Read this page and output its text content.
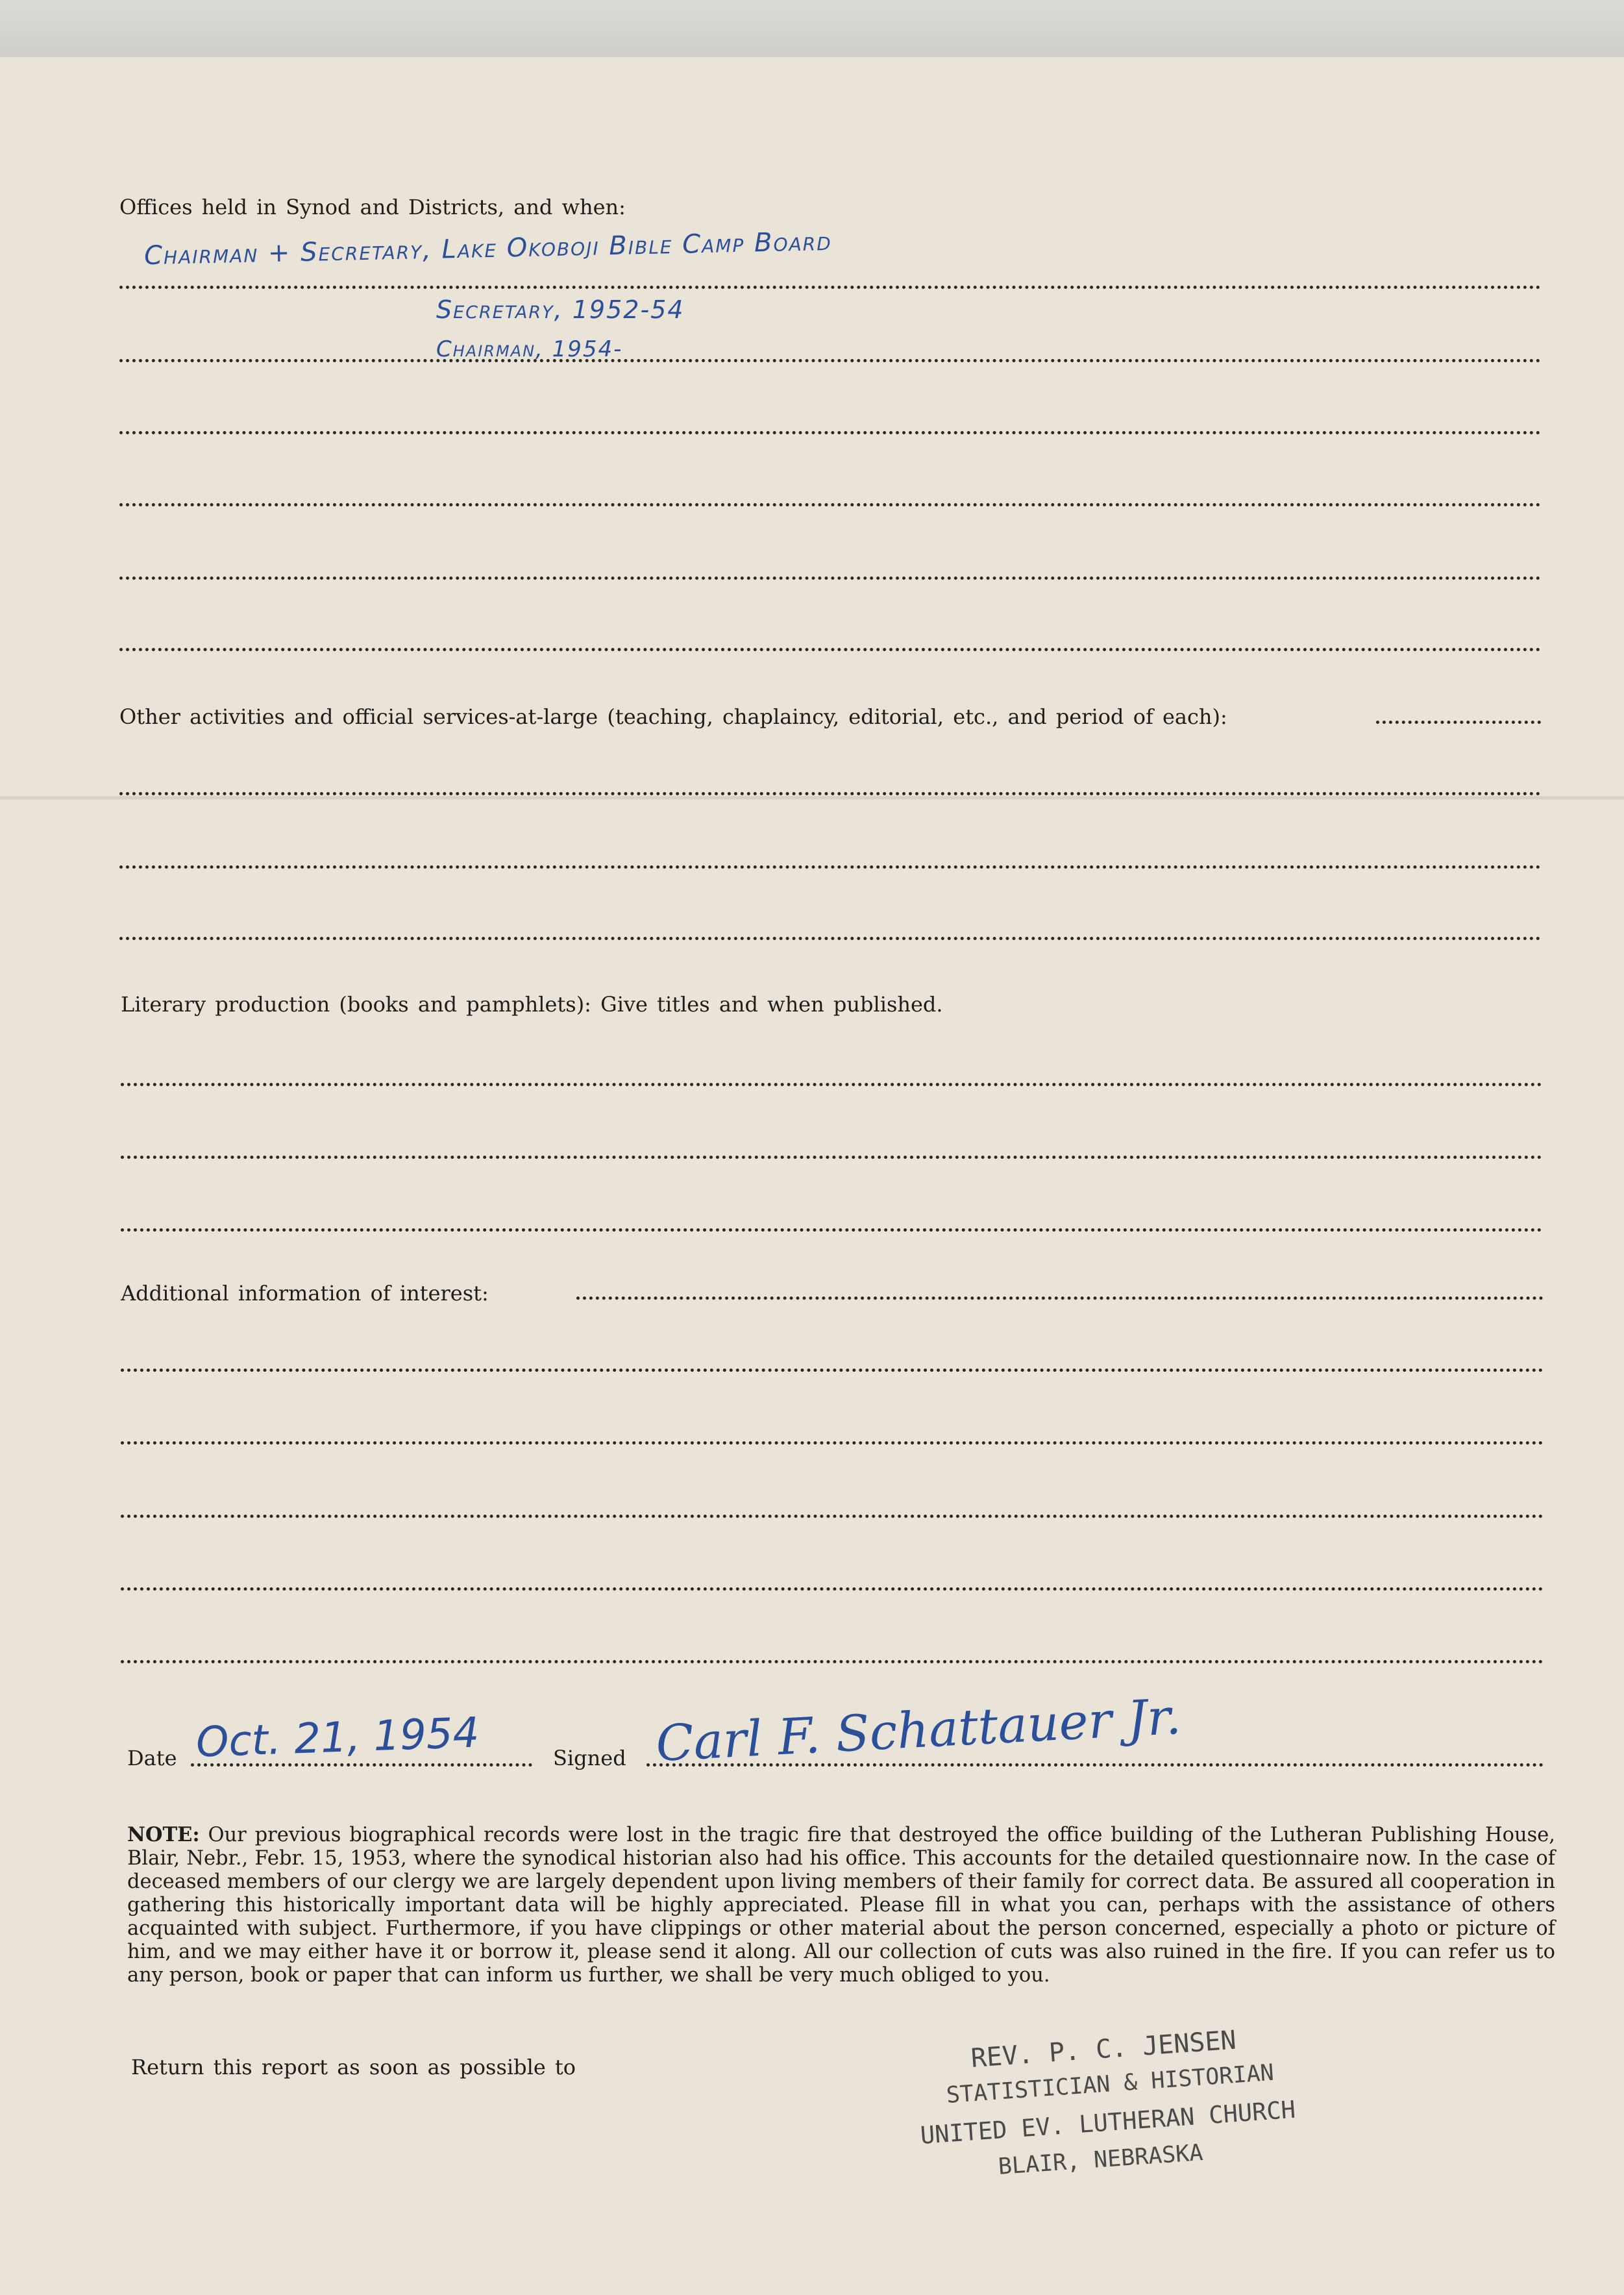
Offices held in Synod and Districts, and when:
Chairman + Secretary, Lake Okoboji Bible Camp Board
Secretary, 1952-54
Chairman, 1954-
Other activities and official services-at-large (teaching, chaplaincy, editorial, etc., and period of each):
Literary production (books and pamphlets): Give titles and when published.
Additional information of interest:
Date Oct. 21, 1954	Signed Carl F. Schattauer Jr.
NOTE: Our previous biographical records were lost in the tragic fire that destroyed the office building of the Lutheran Publishing House, Blair, Nebr., Febr. 15, 1953, where the synodical historian also had his office. This accounts for the detailed questionnaire now. In the case of deceased members of our clergy we are largely dependent upon living members of their family for correct data. Be assured all cooperation in gathering this historically important data will be highly appreciated. Please fill in what you can, perhaps with the assistance of others acquainted with subject. Furthermore, if you have clippings or other material about the person concerned, especially a photo or picture of him, and we may either have it or borrow it, please send it along. All our collection of cuts was also ruined in the fire. If you can refer us to any person, book or paper that can inform us further, we shall be very much obliged to you.
Return this report as soon as possible to	REV. P. C. JENSEN
STATISTICIAN & HISTORIAN
UNITED EV. LUTHERAN CHURCH
BLAIR, NEBRASKA
